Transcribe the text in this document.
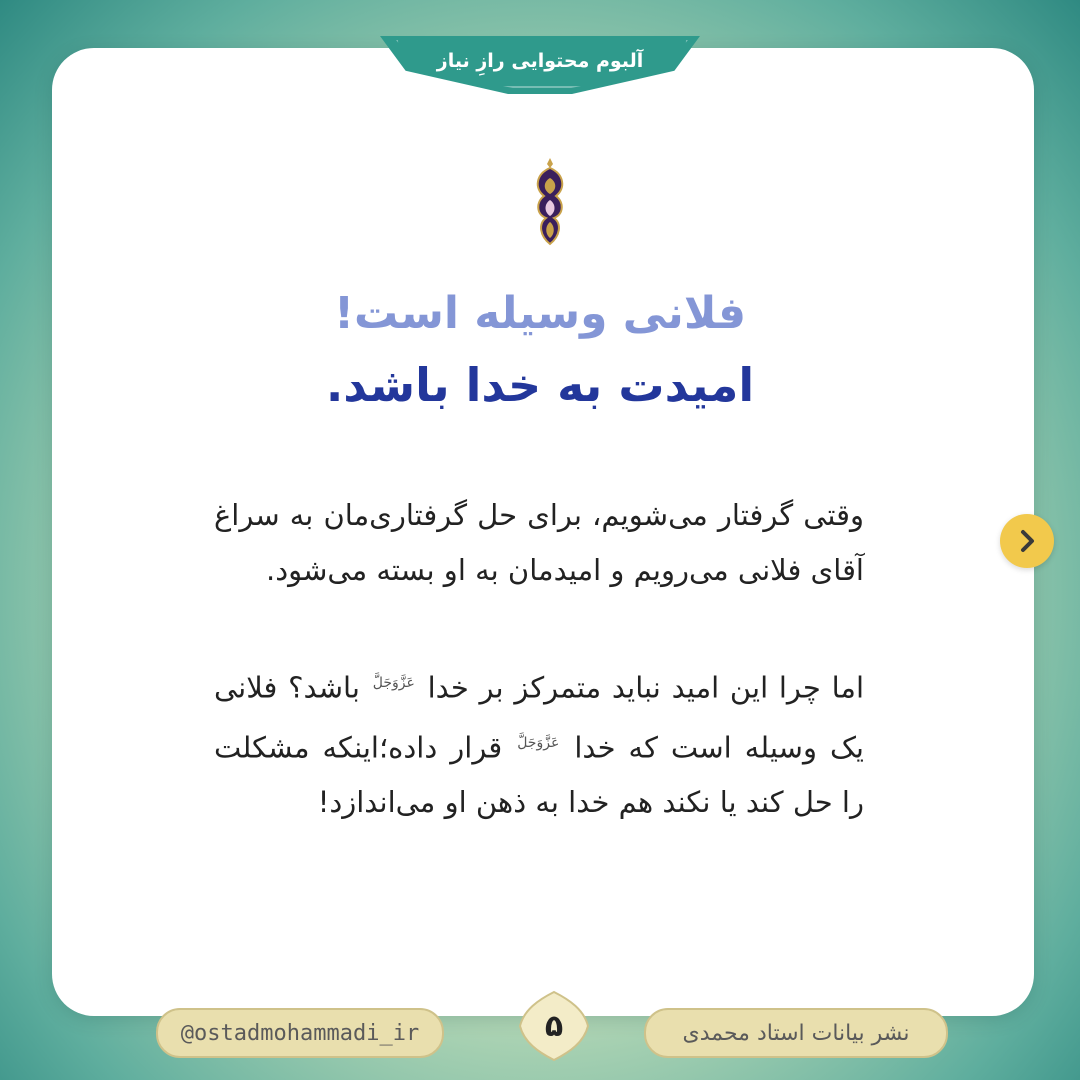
آلبوم محتوایی رازِ نیاز
فلانی وسیله است!
امیدت به خدا باشد.
وقتی گرفتار می‌شویم، برای حل گرفتاری‌مان به سراغ آقای فلانی می‌رویم و امیدمان به او بسته می‌شود.
اما چرا این امید نباید متمرکز بر خدا $^{عَزَّوَجَلَّ}$ باشد؟ فلانی یک وسیله است که خدا $^{عَزَّوَجَلَّ}$ قرار داده؛اینکه مشکلت را حل کند یا نکند هم خدا به ذهن او می‌اندازد!
@ostadmohammadi_ir	۵	نشر بیانات استاد محمدی
